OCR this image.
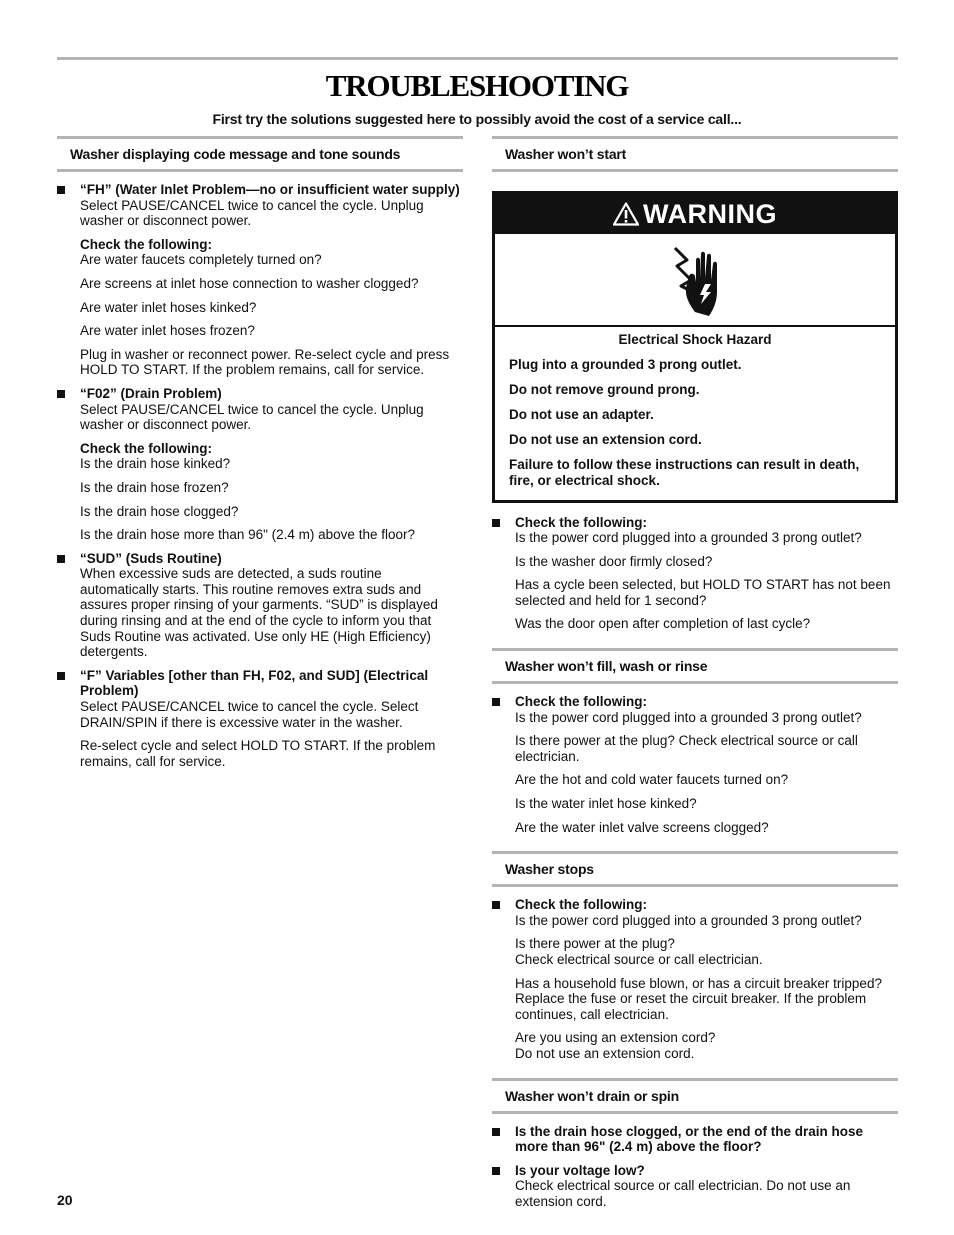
TROUBLESHOOTING
First try the solutions suggested here to possibly avoid the cost of a service call...
Washer displaying code message and tone sounds
“FH” (Water Inlet Problem—no or insufficient water supply)
Select PAUSE/CANCEL twice to cancel the cycle. Unplug washer or disconnect power.
Check the following:
Are water faucets completely turned on?
Are screens at inlet hose connection to washer clogged?
Are water inlet hoses kinked?
Are water inlet hoses frozen?
Plug in washer or reconnect power. Re-select cycle and press HOLD TO START. If the problem remains, call for service.
“F02” (Drain Problem)
Select PAUSE/CANCEL twice to cancel the cycle. Unplug washer or disconnect power.
Check the following:
Is the drain hose kinked?
Is the drain hose frozen?
Is the drain hose clogged?
Is the drain hose more than 96" (2.4 m) above the floor?
“SUD” (Suds Routine)
When excessive suds are detected, a suds routine automatically starts. This routine removes extra suds and assures proper rinsing of your garments. “SUD” is displayed during rinsing and at the end of the cycle to inform you that Suds Routine was activated. Use only HE (High Efficiency) detergents.
“F” Variables [other than FH, F02, and SUD] (Electrical Problem)
Select PAUSE/CANCEL twice to cancel the cycle. Select DRAIN/SPIN if there is excessive water in the washer.
Re-select cycle and select HOLD TO START. If the problem remains, call for service.
Washer won’t start
WARNING
Electrical Shock Hazard
Plug into a grounded 3 prong outlet.
Do not remove ground prong.
Do not use an adapter.
Do not use an extension cord.
Failure to follow these instructions can result in death, fire, or electrical shock.
Check the following:
Is the power cord plugged into a grounded 3 prong outlet?
Is the washer door firmly closed?
Has a cycle been selected, but HOLD TO START has not been selected and held for 1 second?
Was the door open after completion of last cycle?
Washer won’t fill, wash or rinse
Check the following:
Is the power cord plugged into a grounded 3 prong outlet?
Is there power at the plug? Check electrical source or call electrician.
Are the hot and cold water faucets turned on?
Is the water inlet hose kinked?
Are the water inlet valve screens clogged?
Washer stops
Check the following:
Is the power cord plugged into a grounded 3 prong outlet?
Is there power at the plug?
Check electrical source or call electrician.
Has a household fuse blown, or has a circuit breaker tripped?
Replace the fuse or reset the circuit breaker. If the problem continues, call electrician.
Are you using an extension cord?
Do not use an extension cord.
Washer won’t drain or spin
Is the drain hose clogged, or the end of the drain hose more than 96" (2.4 m) above the floor?
Is your voltage low?
Check electrical source or call electrician. Do not use an extension cord.
20
